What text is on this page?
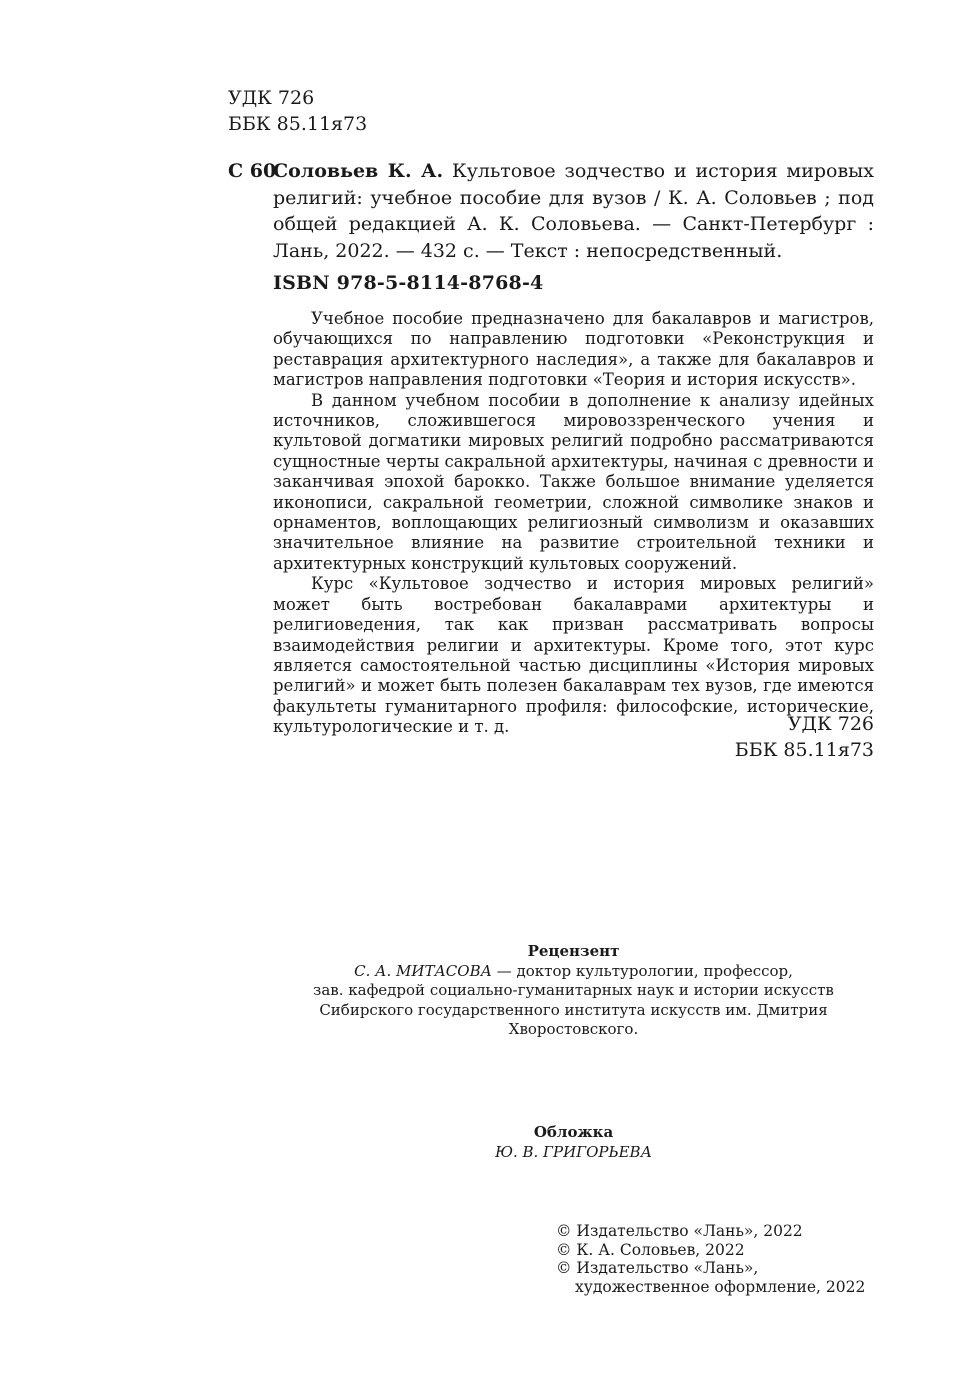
УДК 726
ББК 85.11я73
С 60
Соловьев К. А. Культовое зодчество и история мировых религий: учебное пособие для вузов / К. А. Соловьев ; под общей редакцией А. К. Соловьева. — Санкт-Петербург : Лань, 2022. — 432 с. — Текст : непосредственный.
ISBN 978-5-8114-8768-4

Учебное пособие предназначено для бакалавров и магистров, обучающихся по направлению подготовки «Реконструкция и реставрация архитектурного наследия», а также для бакалавров и магистров направления подготовки «Теория и история искусств».

В данном учебном пособии в дополнение к анализу идейных источников, сложившегося мировоззренческого учения и культовой догматики мировых религий подробно рассматриваются сущностные черты сакральной архитектуры, начиная с древности и заканчивая эпохой барокко. Также большое внимание уделяется иконописи, сакральной геометрии, сложной символике знаков и орнаментов, воплощающих религиозный символизм и оказавших значительное влияние на развитие строительной техники и архитектурных конструкций культовых сооружений.

Курс «Культовое зодчество и история мировых религий» может быть востребован бакалаврами архитектуры и религиоведения, так как призван рассматривать вопросы взаимодействия религии и архитектуры. Кроме того, этот курс является самостоятельной частью дисциплины «История мировых религий» и может быть полезен бакалаврам тех вузов, где имеются факультеты гуманитарного профиля: философские, исторические, культурологические и т. д.	УДК 726
ББК 85.11я73
Рецензент
С. А. МИТАСОВА — доктор культурологии, профессор,
зав. кафедрой социально-гуманитарных наук и истории искусств
Сибирского государственного института искусств им. Дмитрия Хворостовского.
Обложка
Ю. В. ГРИГОРЬЕВА
© Издательство «Лань», 2022
© К. А. Соловьев, 2022
© Издательство «Лань»,
художественное оформление, 2022
